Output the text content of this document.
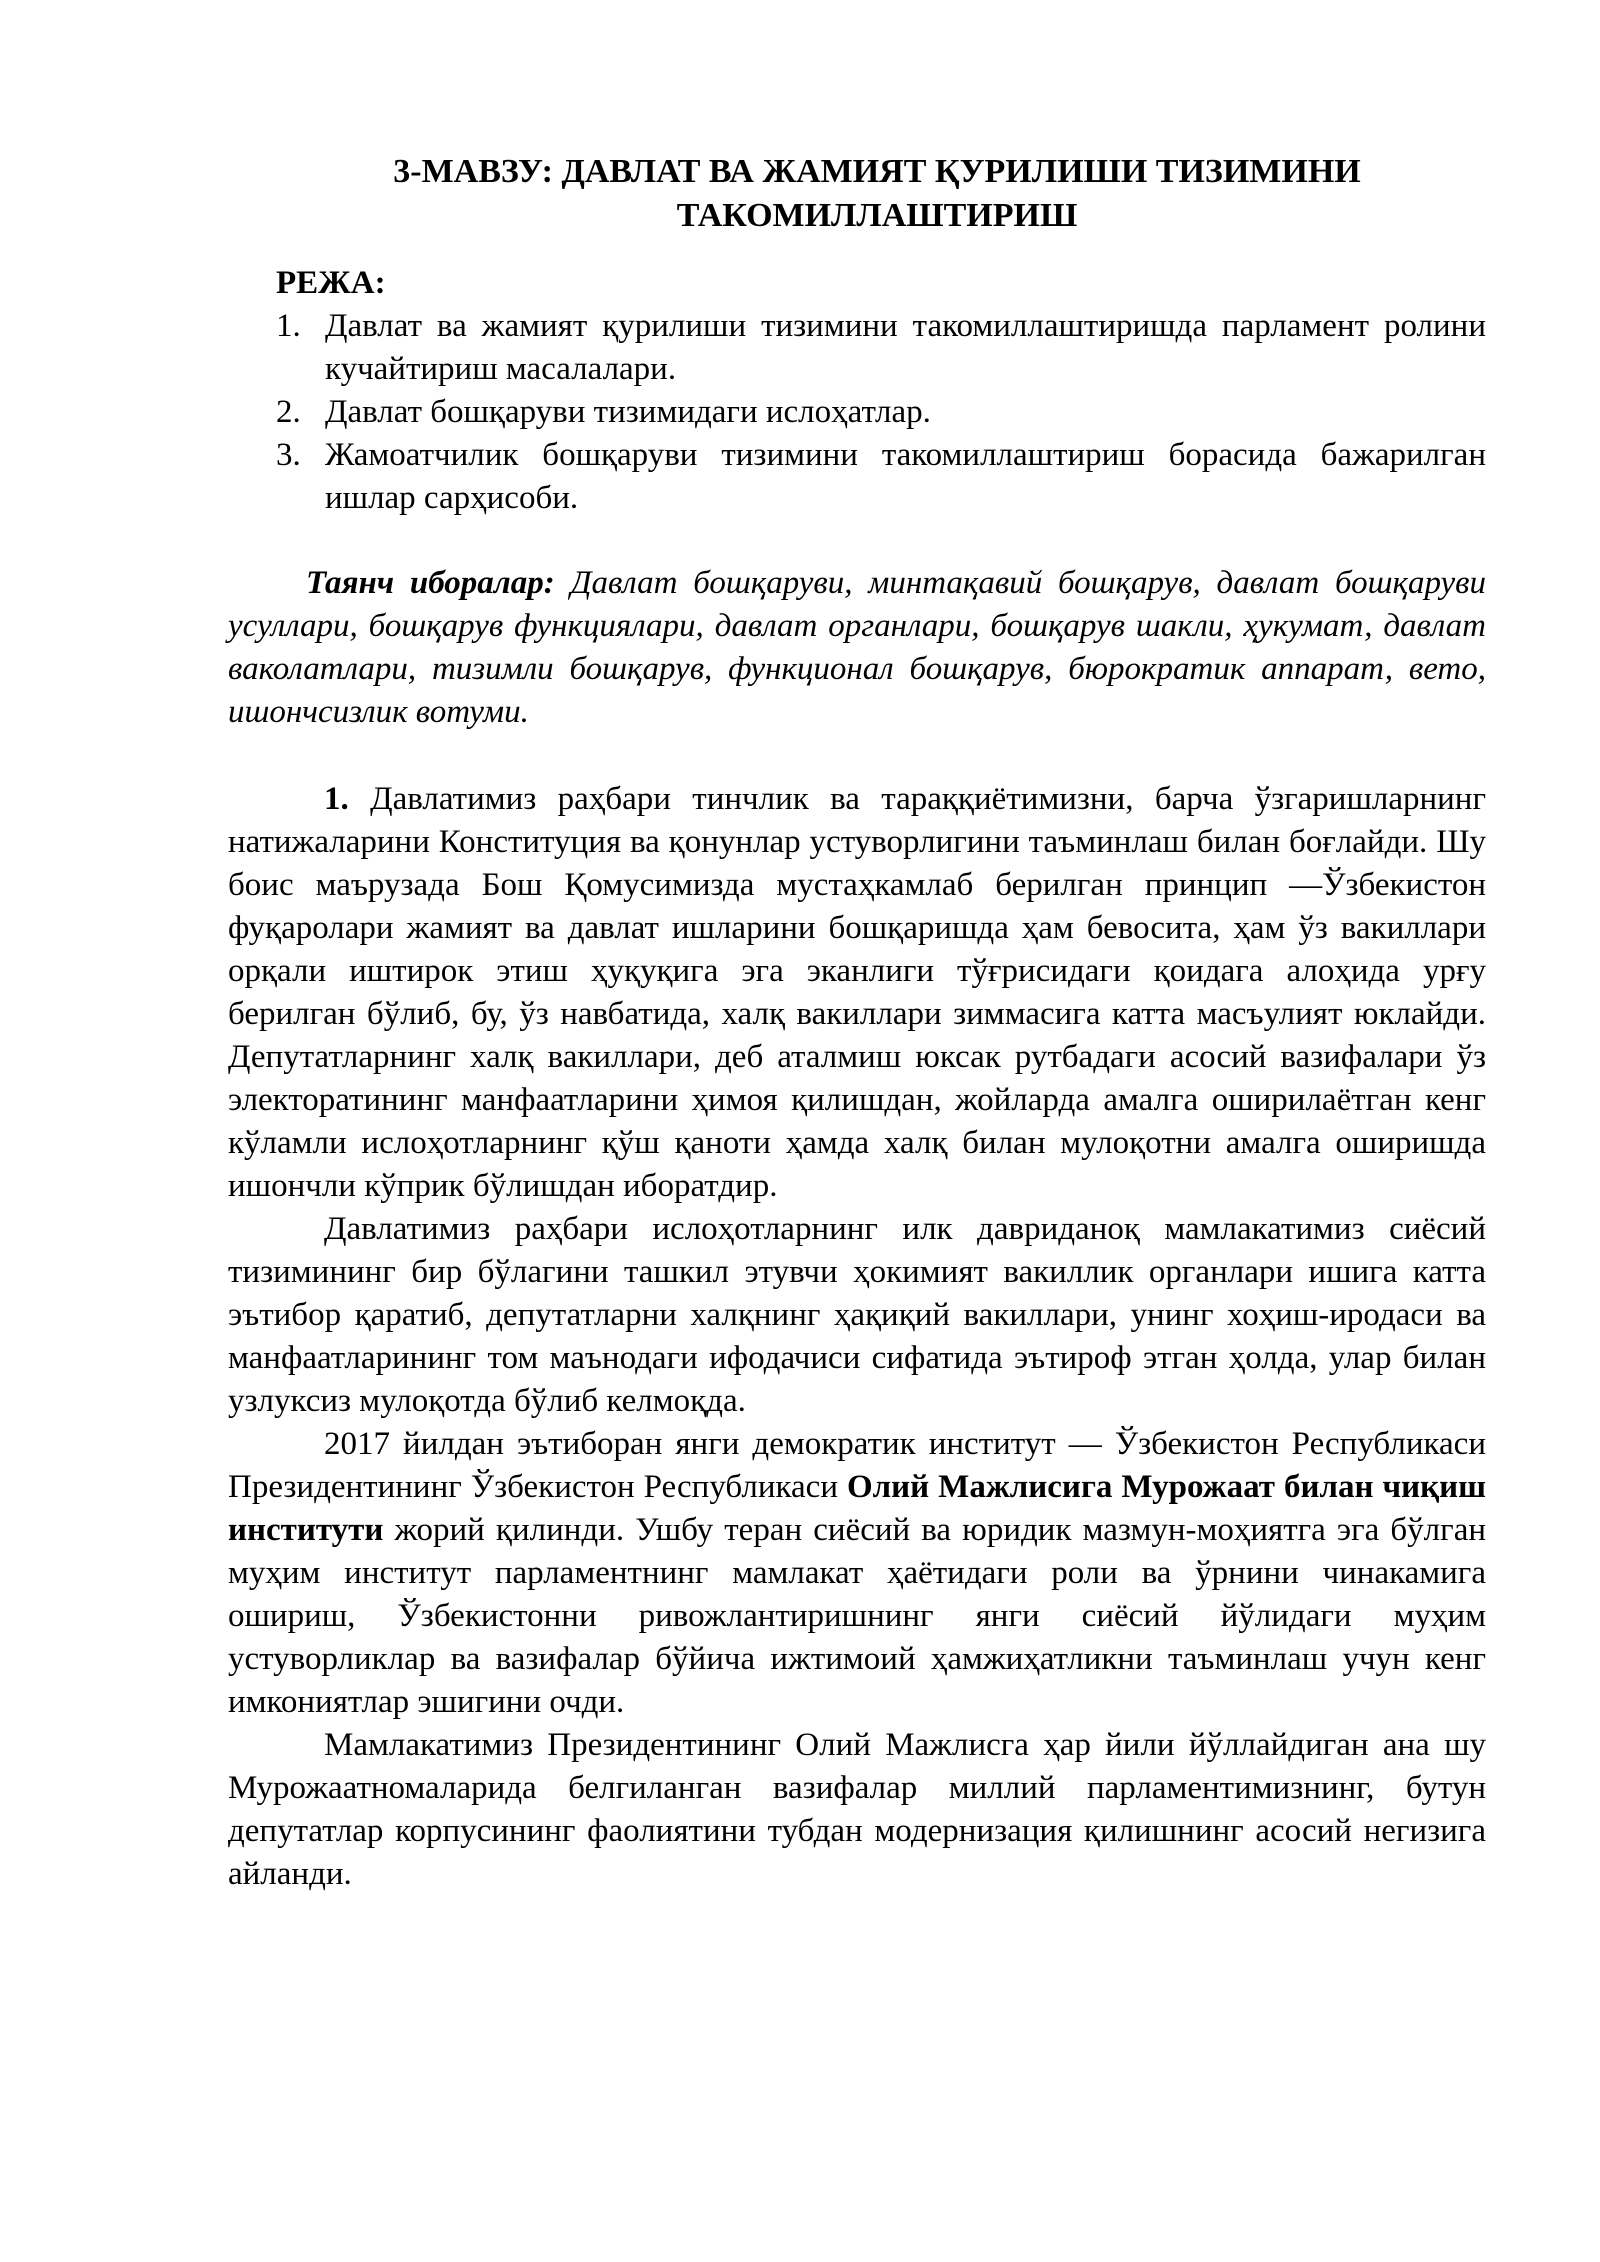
3-МАВЗУ: ДАВЛАТ ВА ЖАМИЯТ ҚУРИЛИШИ ТИЗИМИНИ
ТАКОМИЛЛАШТИРИШ
РЕЖА:
1. Давлат ва жамият қурилиши тизимини такомиллаштиришда парламент ролини кучайтириш масалалари.
2. Давлат бошқаруви тизимидаги ислоҳатлар.
3. Жамоатчилик бошқаруви тизимини такомиллаштириш борасида бажарилган ишлар сарҳисоби.

Таянч иборалар: Давлат бошқаруви, минтақавий бошқарув, давлат бошқаруви усуллари, бошқарув функциялари, давлат органлари, бошқарув шакли, ҳукумат, давлат ваколатлари, тизимли бошқарув, функционал бошқарув, бюрократик аппарат, вето, ишончсизлик вотуми.

1. Давлатимиз раҳбари тинчлик ва тараққиётимизни, барча ўзгаришларнинг натижаларини Конституция ва қонунлар устуворлигини таъминлаш билан боғлайди. Шу боис маърузада Бош Қомусимизда мустаҳкамлаб берилган принцип —Ўзбекистон фуқаролари жамият ва давлат ишларини бошқаришда ҳам бевосита, ҳам ўз вакиллари орқали иштирок этиш ҳуқуқига эга эканлиги тўғрисидаги қоидага алоҳида урғу берилган бўлиб, бу, ўз навбатида, халқ вакиллари зиммасига катта масъулият юклайди. Депутатларнинг халқ вакиллари, деб аталмиш юксак рутбадаги асосий вазифалари ўз электоратининг манфаатларини ҳимоя қилишдан, жойларда амалга оширилаётган кенг кўламли ислоҳотларнинг қўш қаноти ҳамда халқ билан мулоқотни амалга оширишда ишончли кўприк бўлишдан иборатдир.

Давлатимиз раҳбари ислоҳотларнинг илк давриданоқ мамлакатимиз сиёсий тизимининг бир бўлагини ташкил этувчи ҳокимият вакиллик органлари ишига катта эътибор қаратиб, депутатларни халқнинг ҳақиқий вакиллари, унинг хоҳиш-иродаси ва манфаатларининг том маънодаги ифодачиси сифатида эътироф этган ҳолда, улар билан узлуксиз мулоқотда бўлиб келмоқда.

2017 йилдан эътиборан янги демократик институт — Ўзбекистон Республикаси Президентининг Ўзбекистон Республикаси Олий Мажлисига Мурожаат билан чиқиш институти жорий қилинди. Ушбу теран сиёсий ва юридик мазмун-моҳиятга эга бўлган муҳим институт парламентнинг мамлакат ҳаётидаги роли ва ўрнини чинакамига ошириш, Ўзбекистонни ривожлантиришнинг янги сиёсий йўлидаги муҳим устуворликлар ва вазифалар бўйича ижтимоий ҳамжиҳатликни таъминлаш учун кенг имкониятлар эшигини очди.

Мамлакатимиз Президентининг Олий Мажлисга ҳар йили йўллайдиган ана шу Мурожаатномаларида белгиланган вазифалар миллий парламентимизнинг, бутун депутатлар корпусининг фаолиятини тубдан модернизация қилишнинг асосий негизига айланди.
